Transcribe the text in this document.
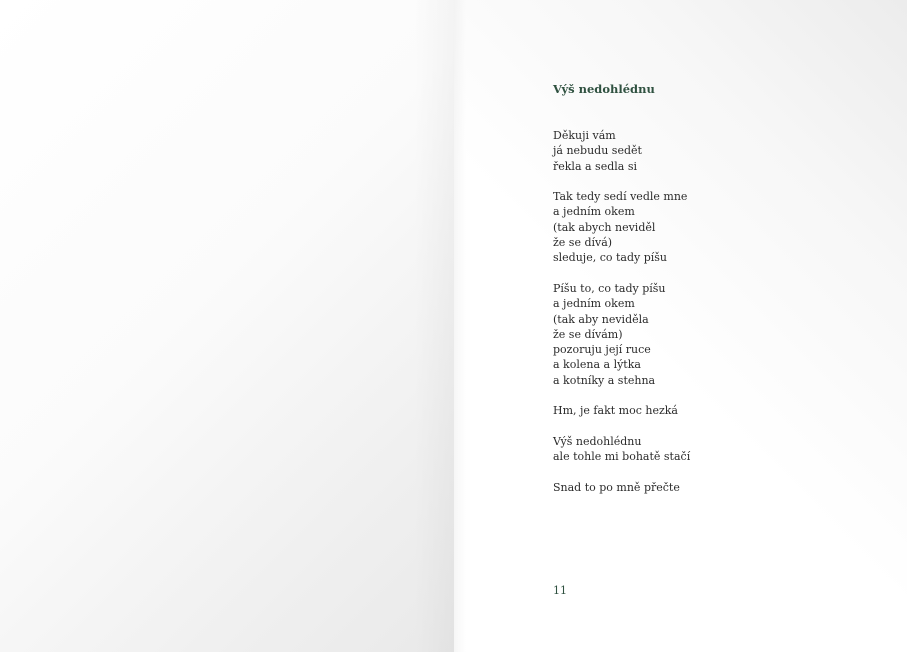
Výš nedohlédnu
Děkuji vám
já nebudu sedět
řekla a sedla si
Tak tedy sedí vedle mne
a jedním okem
(tak abych neviděl
že se dívá)
sleduje, co tady píšu
Píšu to, co tady píšu
a jedním okem
(tak aby neviděla
že se dívám)
pozoruju její ruce
a kolena a lýtka
a kotníky a stehna
Hm, je fakt moc hezká
Výš nedohlédnu
ale tohle mi bohatě stačí
Snad to po mně přečte
11
